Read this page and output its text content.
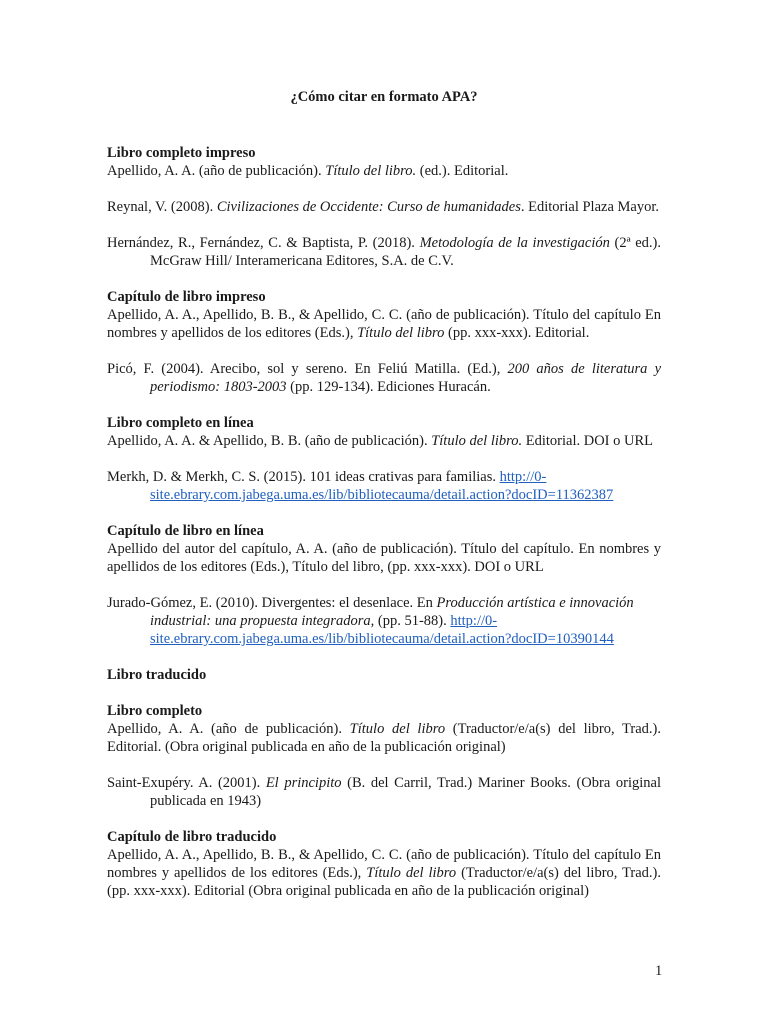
¿Cómo citar en formato APA?

Libro completo impreso

Apellido, A. A. (año de publicación). Título del libro. (ed.). Editorial.

Reynal, V. (2008). Civilizaciones de Occidente: Curso de humanidades. Editorial Plaza Mayor.

Hernández, R., Fernández, C. & Baptista, P. (2018). Metodología de la investigación (2ª ed.). McGraw Hill/ Interamericana Editores, S.A. de C.V.

Capítulo de libro impreso

Apellido, A. A., Apellido, B. B., & Apellido, C. C. (año de publicación). Título del capítulo En nombres y apellidos de los editores (Eds.), Título del libro (pp. xxx-xxx). Editorial.

Picó, F. (2004). Arecibo, sol y sereno. En Feliú Matilla. (Ed.), 200 años de literatura y periodismo: 1803-2003 (pp. 129-134). Ediciones Huracán.

Libro completo en línea

Apellido, A. A. & Apellido, B. B. (año de publicación). Título del libro. Editorial. DOI o URL

Merkh, D. & Merkh, C. S. (2015). 101 ideas crativas para familias. http://0-site.ebrary.com.jabega.uma.es/lib/bibliotecauma/detail.action?docID=11362387

Capítulo de libro en línea

Apellido del autor del capítulo, A. A. (año de publicación). Título del capítulo. En nombres y apellidos de los editores (Eds.), Título del libro, (pp. xxx-xxx). DOI o URL

Jurado-Gómez, E. (2010). Divergentes: el desenlace. En Producción artística e innovación industrial: una propuesta integradora, (pp. 51-88). http://0-site.ebrary.com.jabega.uma.es/lib/bibliotecauma/detail.action?docID=10390144

Libro traducido

Libro completo

Apellido, A. A. (año de publicación). Título del libro (Traductor/e/a(s) del libro, Trad.). Editorial. (Obra original publicada en año de la publicación original)

Saint-Exupéry. A. (2001). El principito (B. del Carril, Trad.) Mariner Books. (Obra original publicada en 1943)

Capítulo de libro traducido

Apellido, A. A., Apellido, B. B., & Apellido, C. C. (año de publicación). Título del capítulo En nombres y apellidos de los editores (Eds.), Título del libro (Traductor/e/a(s) del libro, Trad.). (pp. xxx-xxx). Editorial (Obra original publicada en año de la publicación original)

1
